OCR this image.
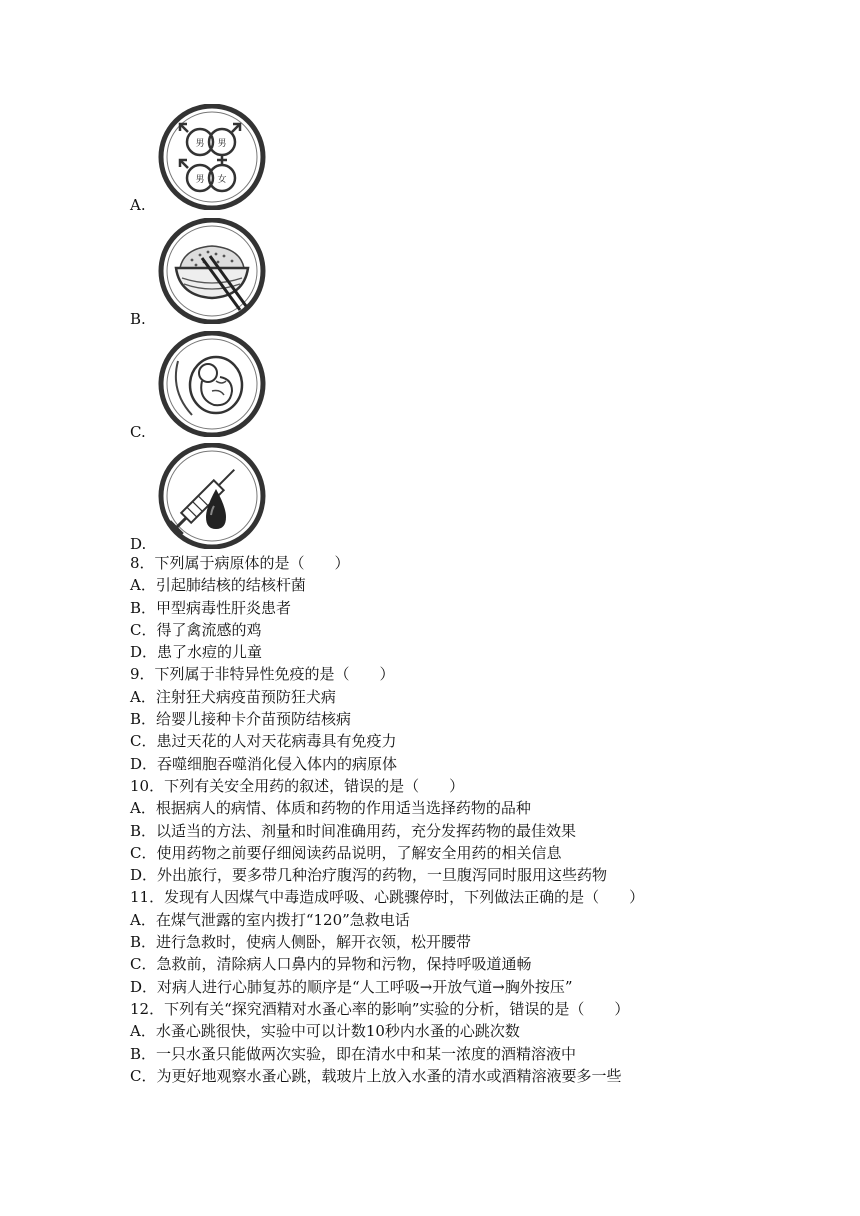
A.
男 男
男 女
B.
C.
D.
8．下列属于病原体的是（　　）
A．引起肺结核的结核杆菌
B．甲型病毒性肝炎患者
C．得了禽流感的鸡
D．患了水痘的儿童
9．下列属于非特异性免疫的是（　　）
A．注射狂犬病疫苗预防狂犬病
B．给婴儿接种卡介苗预防结核病
C．患过天花的人对天花病毒具有免疫力
D．吞噬细胞吞噬消化侵入体内的病原体
10．下列有关安全用药的叙述，错误的是（　　）
A．根据病人的病情、体质和药物的作用适当选择药物的品种
B．以适当的方法、剂量和时间准确用药，充分发挥药物的最佳效果
C．使用药物之前要仔细阅读药品说明，了解安全用药的相关信息
D．外出旅行，要多带几种治疗腹泻的药物，一旦腹泻同时服用这些药物
11．发现有人因煤气中毒造成呼吸、心跳骤停时，下列做法正确的是（　　）
A．在煤气泄露的室内拨打“120”急救电话
B．进行急救时，使病人侧卧，解开衣领，松开腰带
C．急救前，清除病人口鼻内的异物和污物，保持呼吸道通畅
D．对病人进行心肺复苏的顺序是“人工呼吸→开放气道→胸外按压”
12．下列有关“探究酒精对水蚤心率的影响”实验的分析，错误的是（　　）
A．水蚤心跳很快，实验中可以计数10秒内水蚤的心跳次数
B．一只水蚤只能做两次实验，即在清水中和某一浓度的酒精溶液中
C．为更好地观察水蚤心跳，载玻片上放入水蚤的清水或酒精溶液要多一些
